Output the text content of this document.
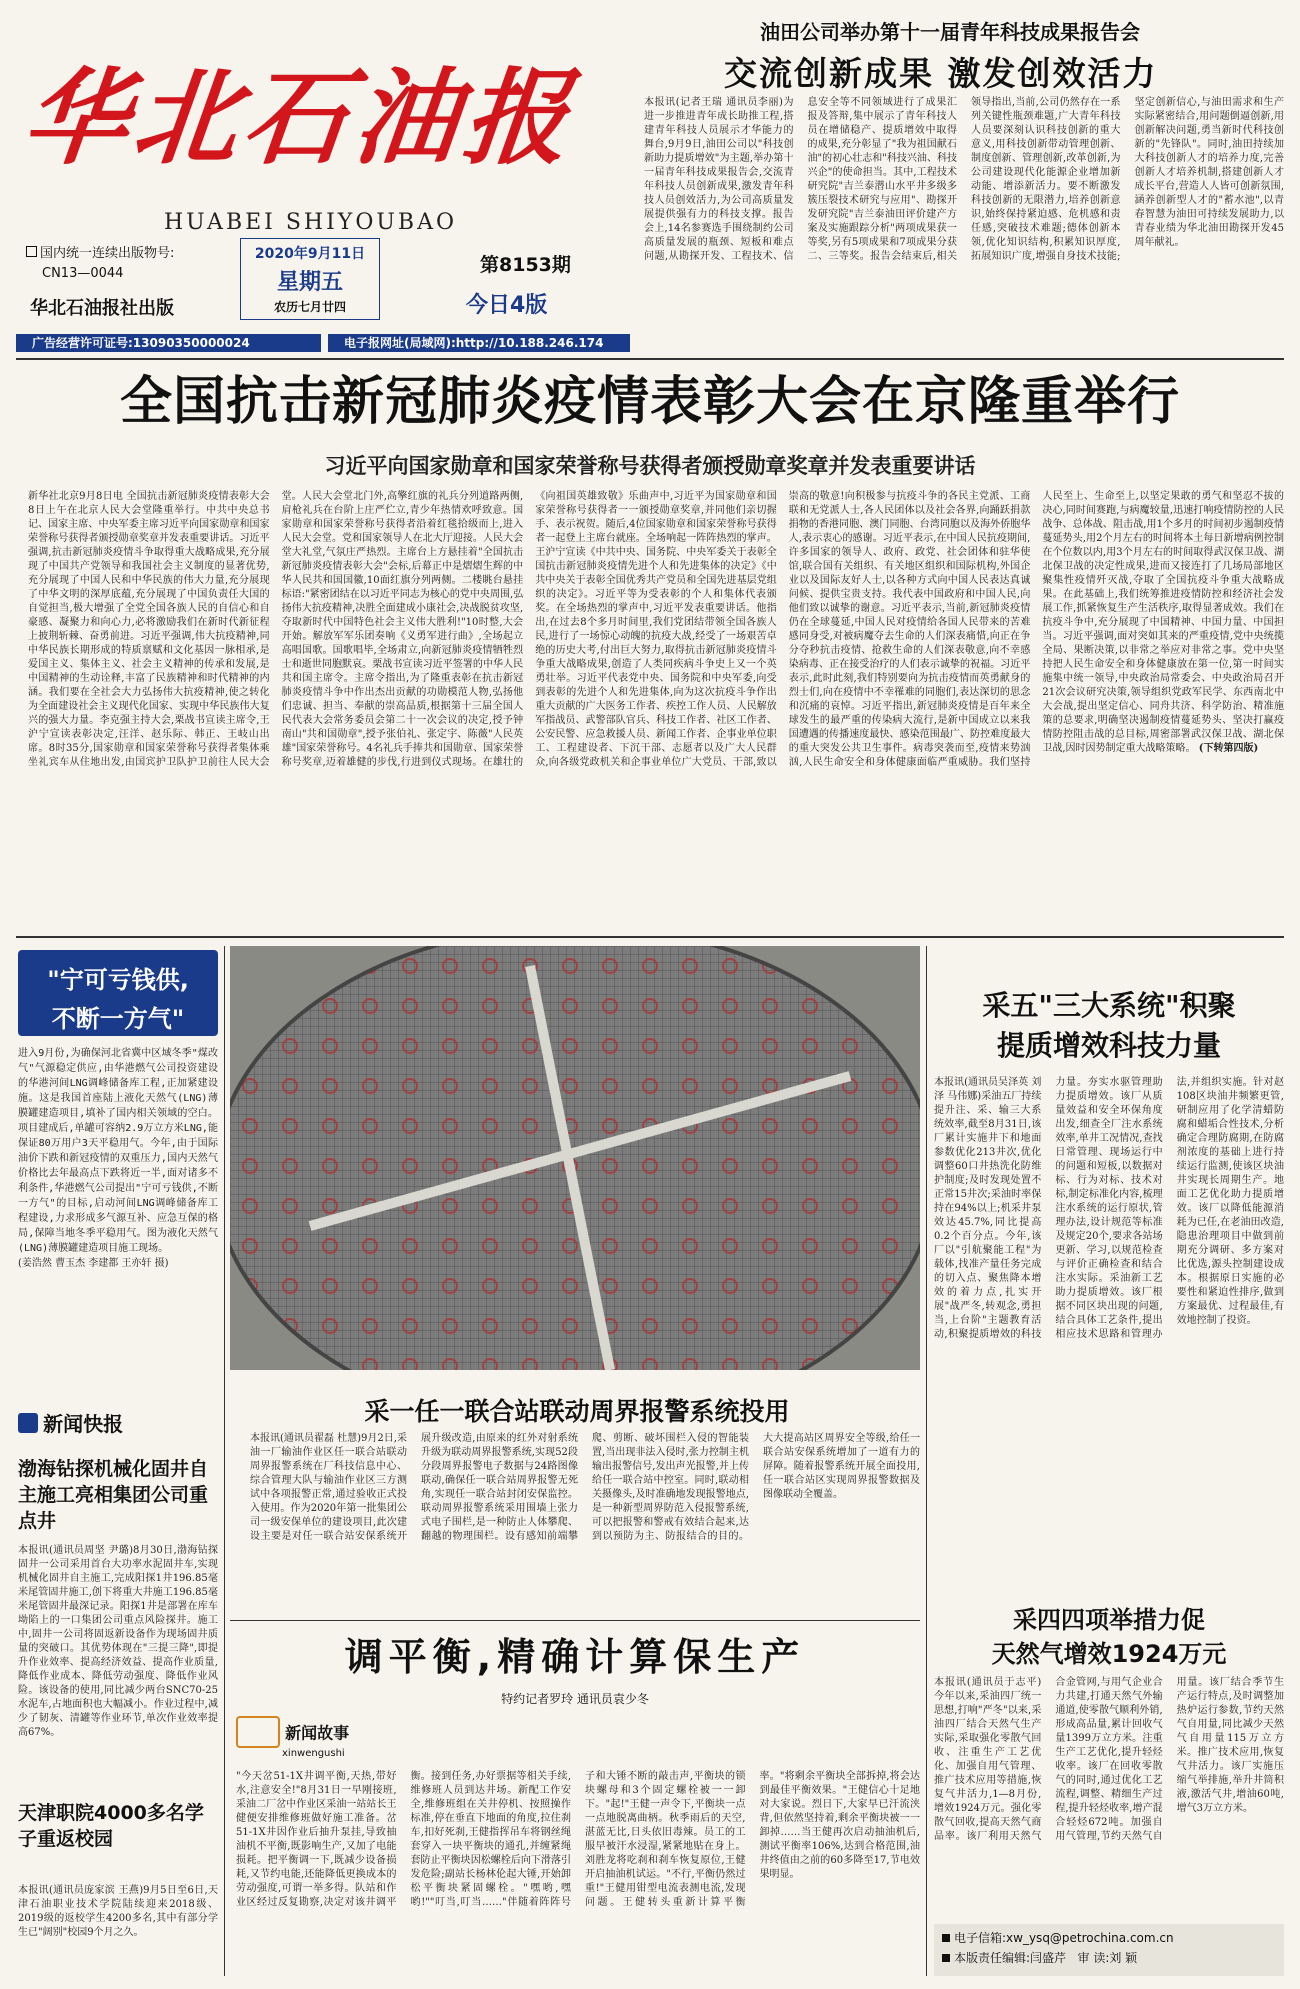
华北石油报
HUABEI SHIYOUBAO
国内统一连续出版物号:
CN13—0044
华北石油报社出版
2020年9月11日
星期五
农历七月廿四
第8153期
今日4版
广告经营许可证号:13090350000024	电子报网址(局域网):http://10.188.246.174
油田公司举办第十一届青年科技成果报告会
交流创新成果 激发创效活力
本报讯(记者王瑞 通讯员李丽)为进一步推进青年成长助推工程,搭建青年科技人员展示才华能力的舞台,9月9日,油田公司以"科技创新助力提质增效"为主题,举办第十一届青年科技成果报告会,交流青年科技人员创新成果,激发青年科技人员创效活力,为公司高质量发展提供强有力的科技支撑。报告会上,14名参赛选手围绕制约公司高质量发展的瓶颈、短板和难点问题,从勘探开发、工程技术、信息安全等不同领域进行了成果汇报及答辩,集中展示了青年科技人员在增储稳产、提质增效中取得的成果,充分彰显了"我为祖国献石油"的初心壮志和"科技兴油、科技兴企"的使命担当。其中,工程技术研究院"吉兰泰潜山水平井多级多簇压裂技术研究与应用"、勘探开发研究院"吉兰泰油田评价建产方案及实施跟踪分析"两项成果获一等奖,另有5项成果和7项成果分获二、三等奖。报告会结束后,相关领导指出,当前,公司仍然存在一系列关键性瓶颈难题,广大青年科技人员要深刻认识科技创新的重大意义,用科技创新带动管理创新、制度创新、管理创新,改革创新,为公司建设现代化能源企业增加新动能、增添新活力。要不断激发科技创新的无限潜力,培养创新意识,始终保持紧迫感、危机感和责任感,突破技术难题;德体创新本领,优化知识结构,积累知识厚度,拓展知识广度,增强自身技术技能;坚定创新信心,与油田需求和生产实际紧密结合,用问题倒逼创新,用创新解决问题,勇当新时代科技创新的"先锋队"。同时,油田持续加大科技创新人才的培养力度,完善创新人才培养机制,搭建创新人才成长平台,营造人人皆可创新氛围,涵养创新型人才的"蓄水池",以青春智慧为油田可持续发展助力,以青春业绩为华北油田勘探开发45周年献礼。
全国抗击新冠肺炎疫情表彰大会在京隆重举行
习近平向国家勋章和国家荣誉称号获得者颁授勋章奖章并发表重要讲话
新华社北京9月8日电 全国抗击新冠肺炎疫情表彰大会8日上午在北京人民大会堂隆重举行。中共中央总书记、国家主席、中央军委主席习近平向国家勋章和国家荣誉称号获得者颁授勋章奖章并发表重要讲话。习近平强调,抗击新冠肺炎疫情斗争取得重大战略成果,充分展现了中国共产党领导和我国社会主义制度的显著优势,充分展现了中国人民和中华民族的伟大力量,充分展现了中华文明的深厚底蕴,充分展现了中国负责任大国的自觉担当,极大增强了全党全国各族人民的自信心和自豪感、凝聚力和向心力,必将激励我们在新时代新征程上披荆斩棘、奋勇前进。习近平强调,伟大抗疫精神,同中华民族长期形成的特质禀赋和文化基因一脉相承,是爱国主义、集体主义、社会主义精神的传承和发展,是中国精神的生动诠释,丰富了民族精神和时代精神的内涵。我们要在全社会大力弘扬伟大抗疫精神,使之转化为全面建设社会主义现代化国家、实现中华民族伟大复兴的强大力量。李克强主持大会,栗战书宣读主席令,王沪宁宣读表彰决定,汪洋、赵乐际、韩正、王岐山出席。8时35分,国家勋章和国家荣誉称号获得者集体乘坐礼宾车从住地出发,由国宾护卫队护卫前往人民大会堂。人民大会堂北门外,高擎红旗的礼兵分列道路两侧,肩枪礼兵在台阶上庄严伫立,青少年热情欢呼致意。国家勋章和国家荣誉称号获得者沿着红毯拾级而上,进入人民大会堂。党和国家领导人在北大厅迎接。人民大会堂大礼堂,气氛庄严热烈。主席台上方悬挂着"全国抗击新冠肺炎疫情表彰大会"会标,后幕正中是熠熠生辉的中华人民共和国国徽,10面红旗分列两侧。二楼眺台悬挂标语:"紧密团结在以习近平同志为核心的党中央周围,弘扬伟大抗疫精神,决胜全面建成小康社会,决战脱贫攻坚,夺取新时代中国特色社会主义伟大胜利!"10时整,大会开始。解放军军乐团奏响《义勇军进行曲》,全场起立高唱国歌。国歌唱毕,全场肃立,向新冠肺炎疫情牺牲烈士和逝世同胞默哀。栗战书宣读习近平签署的中华人民共和国主席令。主席令指出,为了隆重表彰在抗击新冠肺炎疫情斗争中作出杰出贡献的功勋模范人物,弘扬他们忠诚、担当、奉献的崇高品质,根据第十三届全国人民代表大会常务委员会第二十一次会议的决定,授予钟南山"共和国勋章",授予张伯礼、张定宇、陈薇"人民英雄"国家荣誉称号。4名礼兵手捧共和国勋章、国家荣誉称号奖章,迈着雄健的步伐,行进到仪式现场。在雄壮的《向祖国英雄致敬》乐曲声中,习近平为国家勋章和国家荣誉称号获得者一一颁授勋章奖章,并同他们亲切握手、表示祝贺。随后,4位国家勋章和国家荣誉称号获得者一起登上主席台就座。全场响起一阵阵热烈的掌声。王沪宁宣读《中共中央、国务院、中央军委关于表彰全国抗击新冠肺炎疫情先进个人和先进集体的决定》《中共中央关于表彰全国优秀共产党员和全国先进基层党组织的决定》。习近平等为受表彰的个人和集体代表颁奖。在全场热烈的掌声中,习近平发表重要讲话。他指出,在过去8个多月时间里,我们党团结带领全国各族人民,进行了一场惊心动魄的抗疫大战,经受了一场艰苦卓绝的历史大考,付出巨大努力,取得抗击新冠肺炎疫情斗争重大战略成果,创造了人类同疾病斗争史上又一个英勇壮举。习近平代表党中央、国务院和中央军委,向受到表彰的先进个人和先进集体,向为这次抗疫斗争作出重大贡献的广大医务工作者、疾控工作人员、人民解放军指战员、武警部队官兵、科技工作者、社区工作者、公安民警、应急救援人员、新闻工作者、企事业单位职工、工程建设者、下沉干部、志愿者以及广大人民群众,向各级党政机关和企事业单位广大党员、干部,致以崇高的敬意!向积极参与抗疫斗争的各民主党派、工商联和无党派人士,各人民团体以及社会各界,向踊跃捐款捐物的香港同胞、澳门同胞、台湾同胞以及海外侨胞华人,表示衷心的感谢。习近平表示,在中国人民抗疫期间,许多国家的领导人、政府、政党、社会团体和驻华使馆,联合国有关组织、有关地区组织和国际机构,外国企业以及国际友好人士,以各种方式向中国人民表达真诚问候、提供宝贵支持。我代表中国政府和中国人民,向他们致以诚挚的谢意。习近平表示,当前,新冠肺炎疫情仍在全球蔓延,中国人民对疫情给各国人民带来的苦难感同身受,对被病魔夺去生命的人们深表痛惜,向正在争分夺秒抗击疫情、抢救生命的人们深表敬意,向不幸感染病毒、正在接受治疗的人们表示诚挚的祝福。习近平表示,此时此刻,我们特别要向为抗击疫情而英勇献身的烈士们,向在疫情中不幸罹难的同胞们,表达深切的思念和沉痛的哀悼。习近平指出,新冠肺炎疫情是百年来全球发生的最严重的传染病大流行,是新中国成立以来我国遭遇的传播速度最快、感染范围最广、防控难度最大的重大突发公共卫生事件。病毒突袭而至,疫情来势汹汹,人民生命安全和身体健康面临严重威胁。我们坚持人民至上、生命至上,以坚定果敢的勇气和坚忍不拔的决心,同时间赛跑,与病魔较量,迅速打响疫情防控的人民战争、总体战、阻击战,用1个多月的时间初步遏制疫情蔓延势头,用2个月左右的时间将本土每日新增病例控制在个位数以内,用3个月左右的时间取得武汉保卫战、湖北保卫战的决定性成果,进而又接连打了几场局部地区聚集性疫情歼灭战,夺取了全国抗疫斗争重大战略成果。在此基础上,我们统筹推进疫情防控和经济社会发展工作,抓紧恢复生产生活秩序,取得显著成效。我们在抗疫斗争中,充分展现了中国精神、中国力量、中国担当。习近平强调,面对突如其来的严重疫情,党中央统揽全局、果断决策,以非常之举应对非常之事。党中央坚持把人民生命安全和身体健康放在第一位,第一时间实施集中统一领导,中央政治局常委会、中央政治局召开21次会议研究决策,领导组织党政军民学、东西南北中大会战,提出坚定信心、同舟共济、科学防治、精准施策的总要求,明确坚决遏制疫情蔓延势头、坚决打赢疫情防控阻击战的总目标,周密部署武汉保卫战、湖北保卫战,因时因势制定重大战略策略。 (下转第四版)
"宁可亏钱供,
不断一方气"
进入9月份,为确保河北省冀中区域冬季"煤改气"气源稳定供应,由华港燃气公司投资建设的华港河间LNG调峰储备库工程,正加紧建设施。这是我国首座陆上液化天然气(LNG)薄膜罐建造项目,填补了国内相关领域的空白。项目建成后,单罐可容纳2.9万立方米LNG,能保证80万用户3天平稳用气。今年,由于国际油价下跌和新冠疫情的双重压力,国内天然气价格比去年最高点下跌将近一半,面对诸多不利条件,华港燃气公司提出"宁可亏钱供,不断一方气"的目标,启动河间LNG调峰储备库工程建设,力求形成多气源互补、应急互保的格局,保障当地冬季平稳用气。图为液化天然气(LNG)薄膜罐建造项目施工现场。
(姜浩然 曹玉杰 李建都 王亦轩 摄)
采一任一联合站联动周界报警系统投用
本报讯(通讯员翟磊 杜慧)9月2日,采油一厂输油作业区任一联合站联动周界报警系统在厂科技信息中心、综合管理大队与输油作业区三方测试中各项报警正常,通过验收正式投入使用。作为2020年第一批集团公司一级安保单位的建设项目,此次建设主要是对任一联合站安保系统开展升级改造,由原来的红外对射系统升级为联动周界报警系统,实现52段分段周界报警电子数据与24路图像联动,确保任一联合站周界报警无死角,实现任一联合站封闭安保监控。联动周界报警系统采用围墙上张力式电子围栏,是一种防止人体攀爬、翻越的物理围栏。设有感知前端攀爬、剪断、破坏围栏入侵的智能装置,当出现非法入侵时,张力控制主机输出报警信号,发出声光报警,并上传给任一联合站中控室。同时,联动相关摄像头,及时准确地发现报警地点,是一种新型周界防范入侵报警系统,可以把报警和警戒有效结合起来,达到以预防为主、防报结合的目的。大大提高站区周界安全等级,给任一联合站安保系统增加了一道有力的屏障。随着报警系统开展全面投用,任一联合站区实现周界报警数据及图像联动全覆盖。
新闻快报
渤海钻探机械化固井自主施工亮相集团公司重点井
本报讯(通讯员周坚 尹璐)8月30日,渤海钻探固井一公司采用首台大功率水泥固井车,实现机械化固井自主施工,完成阳探1井196.85毫米尾管固井施工,创下将重大井施工196.85毫米尾管固井最深记录。阳探1井是部署在库车坳陷上的一口集团公司重点风险探井。施工中,固井一公司将固返新设备作为现场固井质量的突破口。其优势体现在"三提三降",即提升作业效率、提高经济效益、提高作业质量,降低作业成本、降低劳动强度、降低作业风险。该设备的使用,同比减少两台SNC70-25水泥车,占地面积也大幅减小。作业过程中,减少了韧灰、清罐等作业环节,单次作业效率提高67%。
天津职院4000多名学子重返校园
本报讯(通讯员庞家滨 王燕)9月5日至6日,天津石油职业技术学院陆续迎来2018级、2019级的返校学生4200多名,其中有部分学生已"阔别"校园9个月之久。
采五"三大系统"积聚
提质增效科技力量
本报讯(通讯员吴泽英 刘泽 马伟娜)采油五厂持续提升注、采、输三大系统效率,截至8月31日,该厂累计实施井下和地面参数优化213井次,优化调整60口井热洗化防维护制度;及时发现处置不正常15井次;采油时率保持在94%以上;机采井泵效达45.7%,同比提高0.2个百分点。今年,该厂以"引航聚能工程"为载体,找准产量任务完成的切入点、聚焦降本增效的着力点,扎实开展"战严冬,转观念,勇担当,上台阶"主题教育活动,积聚提质增效的科技力量。夯实水驱管理助力提质增效。该厂从质量效益和安全环保角度出发,细查全厂注水系统效率,单井工况情况,查找日常管理、现场运行中的问题和短板,以数据对标、行为对标、技术对标,制定标准化内容,梳理注水系统的运行原状,管理办法,设计规范等标准及规定20个,要求各站场更新、学习,以规范检查与评价正确检查和结合注水实际。采油新工艺助力提质增效。该厂根据不同区块出现的问题,结合具体工艺条件,提出相应技术思路和管理办法,并组织实施。针对赵108区块油井频繁更管,研制应用了化学清蜡防腐和蜡垢合性技术,分析确定合理防腐期,在防腐剂浓度的基础上进行持续运行监测,使该区块油井实现长周期生产。地面工艺优化助力提质增效。该厂以降低能源消耗为已任,在老油田改造,隐患治理项目中做到前期充分调研、多方案对比优选,源头控制建设成本。根据原日实施的必要性和紧迫性排序,做到方案最优、过程最佳,有效地控制了投资。
采四四项举措力促
天然气增效1924万元
本报讯(通讯员于志平)今年以来,采油四厂统一思想,打响"严冬"以来,采油四厂结合天然气生产实际,采取强化零散气回收、注重生产工艺优化、加强自用气管理、推广技术应用等措施,恢复气井活力,1—8月份,增效1924万元。强化零散气回收,提高天然气商品率。该厂利用天然气合金管网,与用气企业合力共建,打通天然气外输通道,使零散气顺利外销,形成高品量,累计回收气量1399万立方米。注重生产工艺优化,提升轻烃收率。该厂在回收零散气的同时,通过优化工艺流程,调整、精细生产过程,提升轻烃收率,增产混合轻烃672吨。加强自用气管理,节约天然气自用量。该厂结合季节生产运行特点,及时调整加热炉运行参数,节约天然气自用量,同比减少天然气自用量115万立方米。推广技术应用,恢复气井活力。该厂实施压缩气举排施,举升井筒积液,激活气井,增油60吨,增气3万立方米。
电子信箱:xw_ysq@petrochina.com.cn
本版责任编辑:闫盛芹 审 读:刘 颖
调平衡,精确计算保生产
特约记者罗玲 通讯员袁少冬
新闻故事
xinwengushi
"今天岔51-1X井调平衡,天热,带好水,注意安全!"8月31日一早刚接班,采油二厂岔中作业区采油一站站长王健便安排维修班做好施工准备。岔51-1X井因作业后抽升泵挂,导致抽油机不平衡,既影响生产,又加了电能损耗。把平衡调一下,既减少设备损耗,又节约电能,还能降低更换成本的劳动强度,可谓一举多得。队站和作业区经过反复勘察,决定对该井调平衡。接到任务,办好票据等相关手续,维修班人员到达井场。新配工作安全,维修班组在关井停机、按照操作标准,停在垂直下地面的角度,拉住刹车,扣好死刹,王健指挥吊车将钢丝绳套穿入一块平衡块的通孔,并缠紧绳套防止平衡块因松螺栓后向下滑落引发危险;副站长杨林伦起大锤,开始卸松平衡块紧固螺栓。"嘿哟,嘿哟!""叮当,叮当……"伴随着阵阵号子和大锤不断的敲击声,平衡块的锁块螺母和3个固定螺栓被一一卸下。"起!"王健一声令下,平衡块一点一点地脱离曲柄。秋季雨后的天空,湛蓝无比,日头依旧毒辣。员工的工服早被汗水浸湿,紧紧地贴在身上。刘胜龙将吃刹和刹车恢复原位,王健开启抽油机试运。"不行,平衡仍然过重!"王健用钳型电流表测电流,发现问题。王健转头重新计算平衡率。"将剩余平衡块全部拆掉,将会达到最佳平衡效果。"王健信心十足地对大家说。烈日下,大家早已汗流浃背,但依然坚持着,剩余平衡块被一一卸掉……当王健再次启动抽油机后,测试平衡率106%,达到合格范围,油井终值由之前的60多降至17,节电效果明显。
